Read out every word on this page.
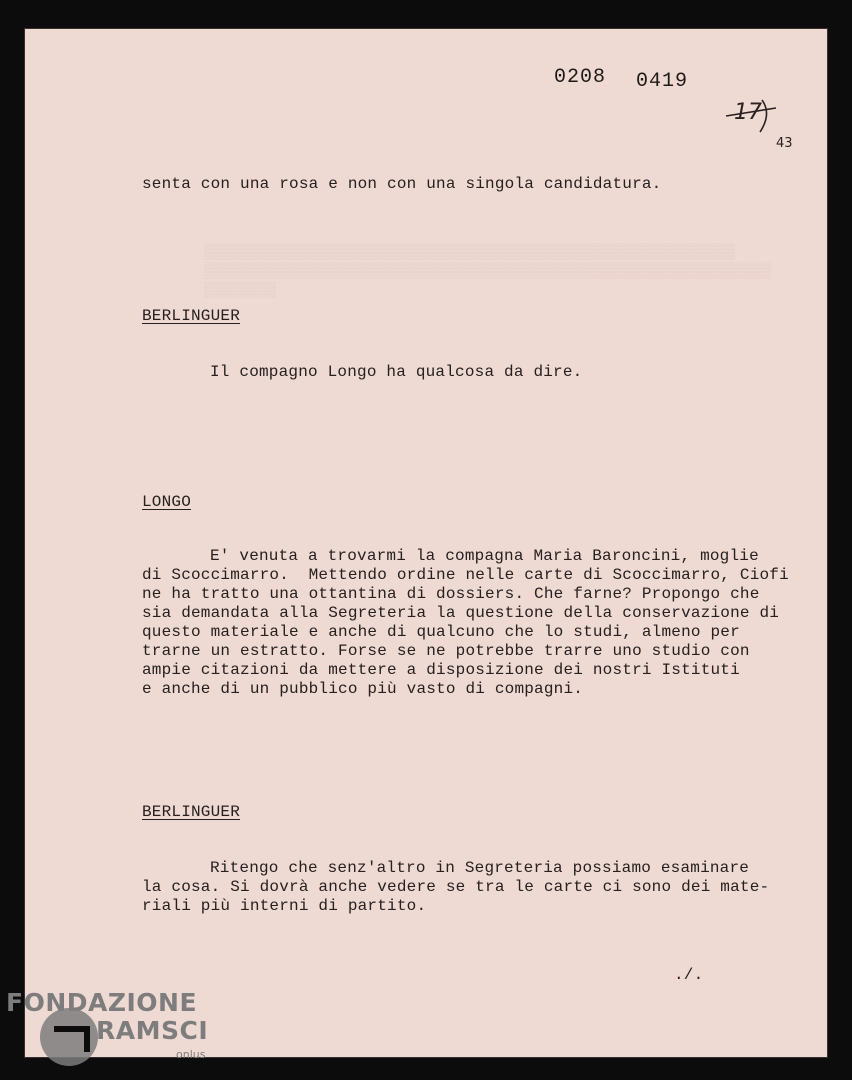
▒▒▒▒▒▒▒▒▒▒▒▒▒▒▒▒▒▒▒▒▒▒▒▒▒▒▒▒▒▒▒▒▒▒▒▒▒▒▒▒▒▒▒▒▒▒▒▒▒▒▒▒▒▒▒▒▒▒▒
▒▒▒▒▒▒▒▒▒▒▒▒▒▒▒▒▒▒▒▒▒▒▒▒▒▒▒▒▒▒▒▒▒▒▒▒▒▒▒▒▒▒▒▒▒▒▒▒▒▒▒▒▒▒▒▒▒▒▒▒▒▒▒
▒▒▒▒▒▒▒▒
0208 0419
17
43
senta con una rosa e non con una singola candidatura.
BERLINGUER
Il compagno Longo ha qualcosa da dire.
LONGO
E' venuta a trovarmi la compagna Maria Baroncini, moglie
di Scoccimarro.  Mettendo ordine nelle carte di Scoccimarro, Ciofi
ne ha tratto una ottantina di dossiers. Che farne? Propongo che
sia demandata alla Segreteria la questione della conservazione di
questo materiale e anche di qualcuno che lo studi, almeno per
trarne un estratto. Forse se ne potrebbe trarre uno studio con
ampie citazioni da mettere a disposizione dei nostri Istituti
e anche di un pubblico più vasto di compagni.
BERLINGUER
Ritengo che senz'altro in Segreteria possiamo esaminare
la cosa. Si dovrà anche vedere se tra le carte ci sono dei mate-
riali più interni di partito.
./.
FONDAZIONE
RAMSCI
onlus
